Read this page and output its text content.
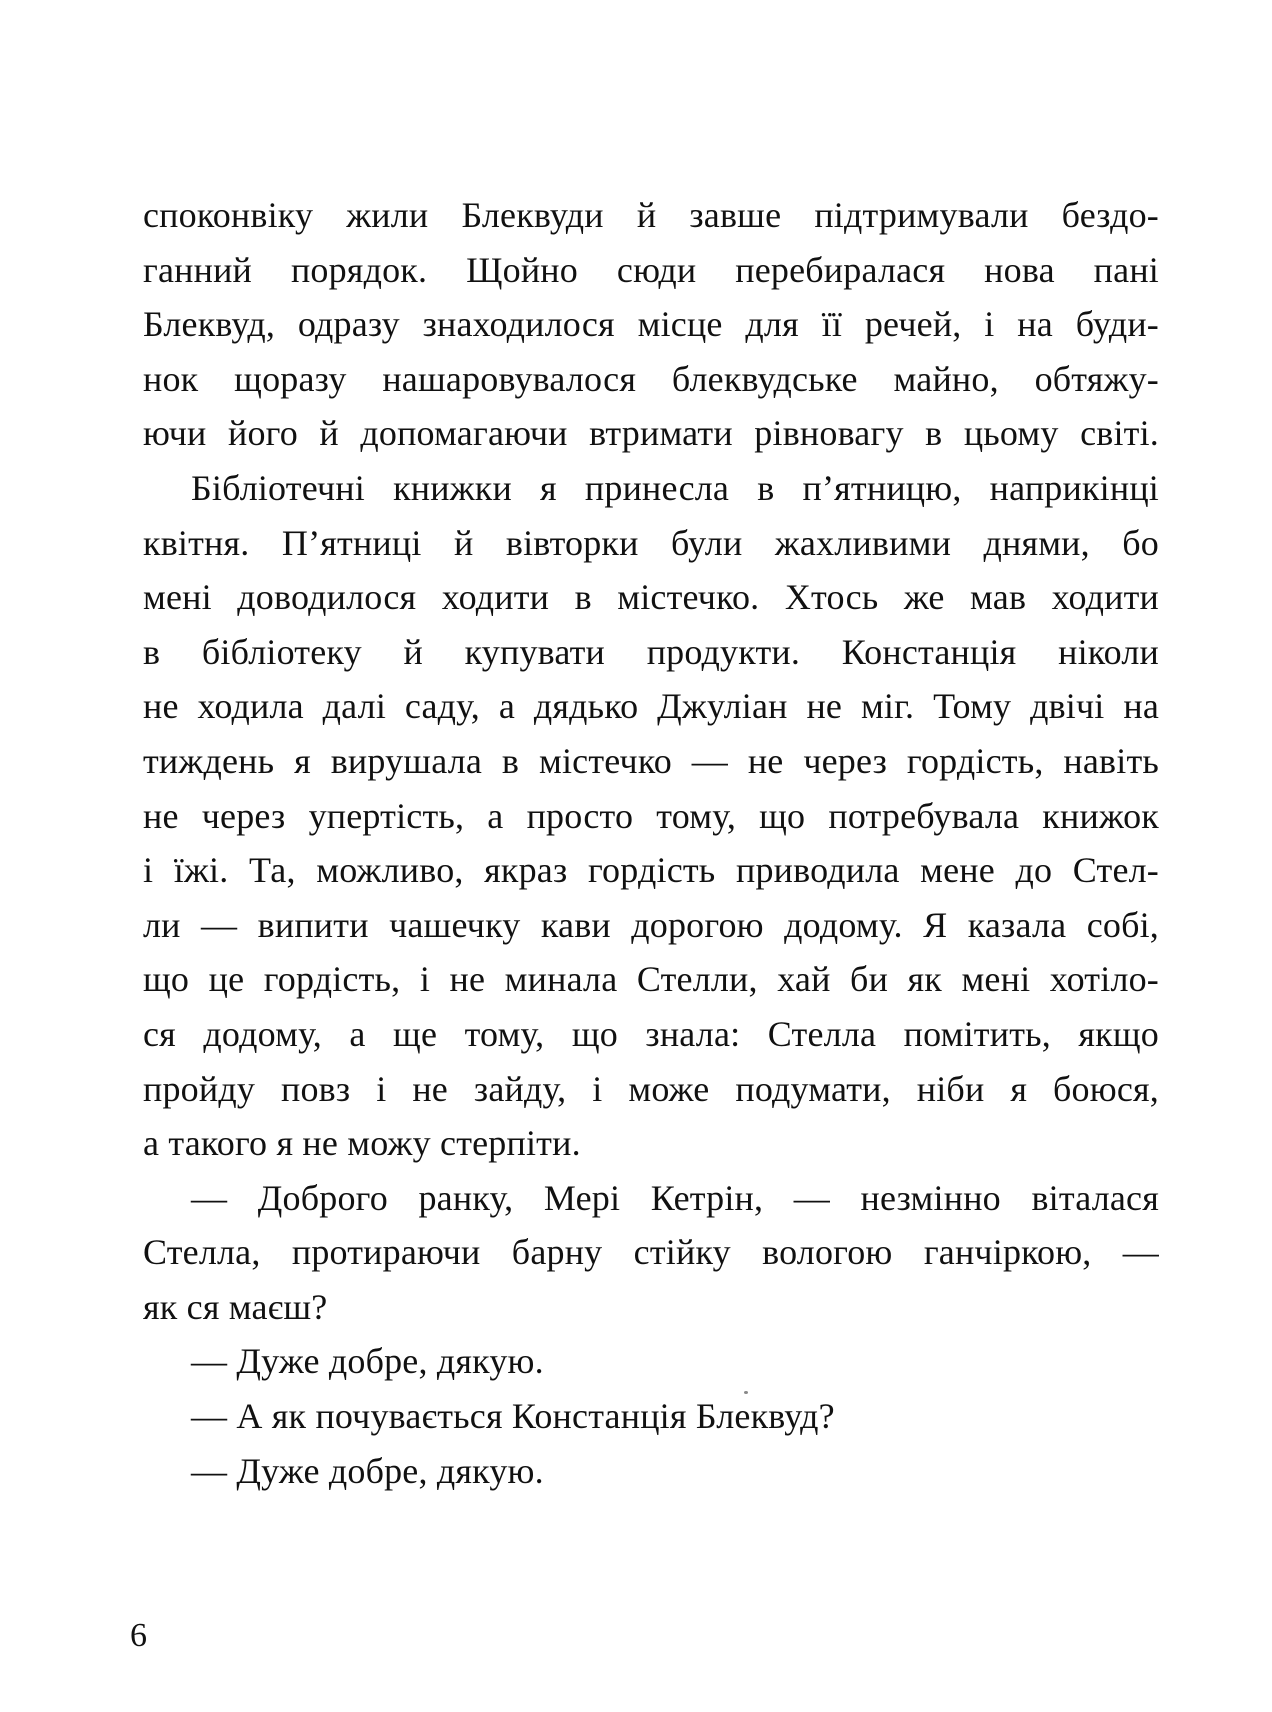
споконвіку жили Блеквуди й завше підтримували бездо-
ганний порядок. Щойно сюди перебиралася нова пані
Блеквуд, одразу знаходилося місце для її речей, і на буди-
нок щоразу нашаровувалося блеквудське майно, обтяжу-
ючи його й допомагаючи втримати рівновагу в цьому світі.
Бібліотечні книжки я принесла в п’ятницю, наприкінці
квітня. П’ятниці й вівторки були жахливими днями, бо
мені доводилося ходити в містечко. Хтось же мав ходити
в бібліотеку й купувати продукти. Констанція ніколи
не ходила далі саду, а дядько Джуліан не міг. Тому двічі на
тиждень я вирушала в містечко — не через гордість, навіть
не через упертість, а просто тому, що потребувала книжок
і їжі. Та, можливо, якраз гордість приводила мене до Стел-
ли — випити чашечку кави дорогою додому. Я казала собі,
що це гордість, і не минала Стелли, хай би як мені хотіло-
ся додому, а ще тому, що знала: Стелла помітить, якщо
пройду повз і не зайду, і може подумати, ніби я боюся,
а такого я не можу стерпіти.
— Доброго ранку, Мері Кетрін, — незмінно віталася
Стелла, протираючи барну стійку вологою ганчіркою, —
як ся маєш?
— Дуже добре, дякую.
— А як почувається Констанція Блеквуд?
— Дуже добре, дякую.
6
